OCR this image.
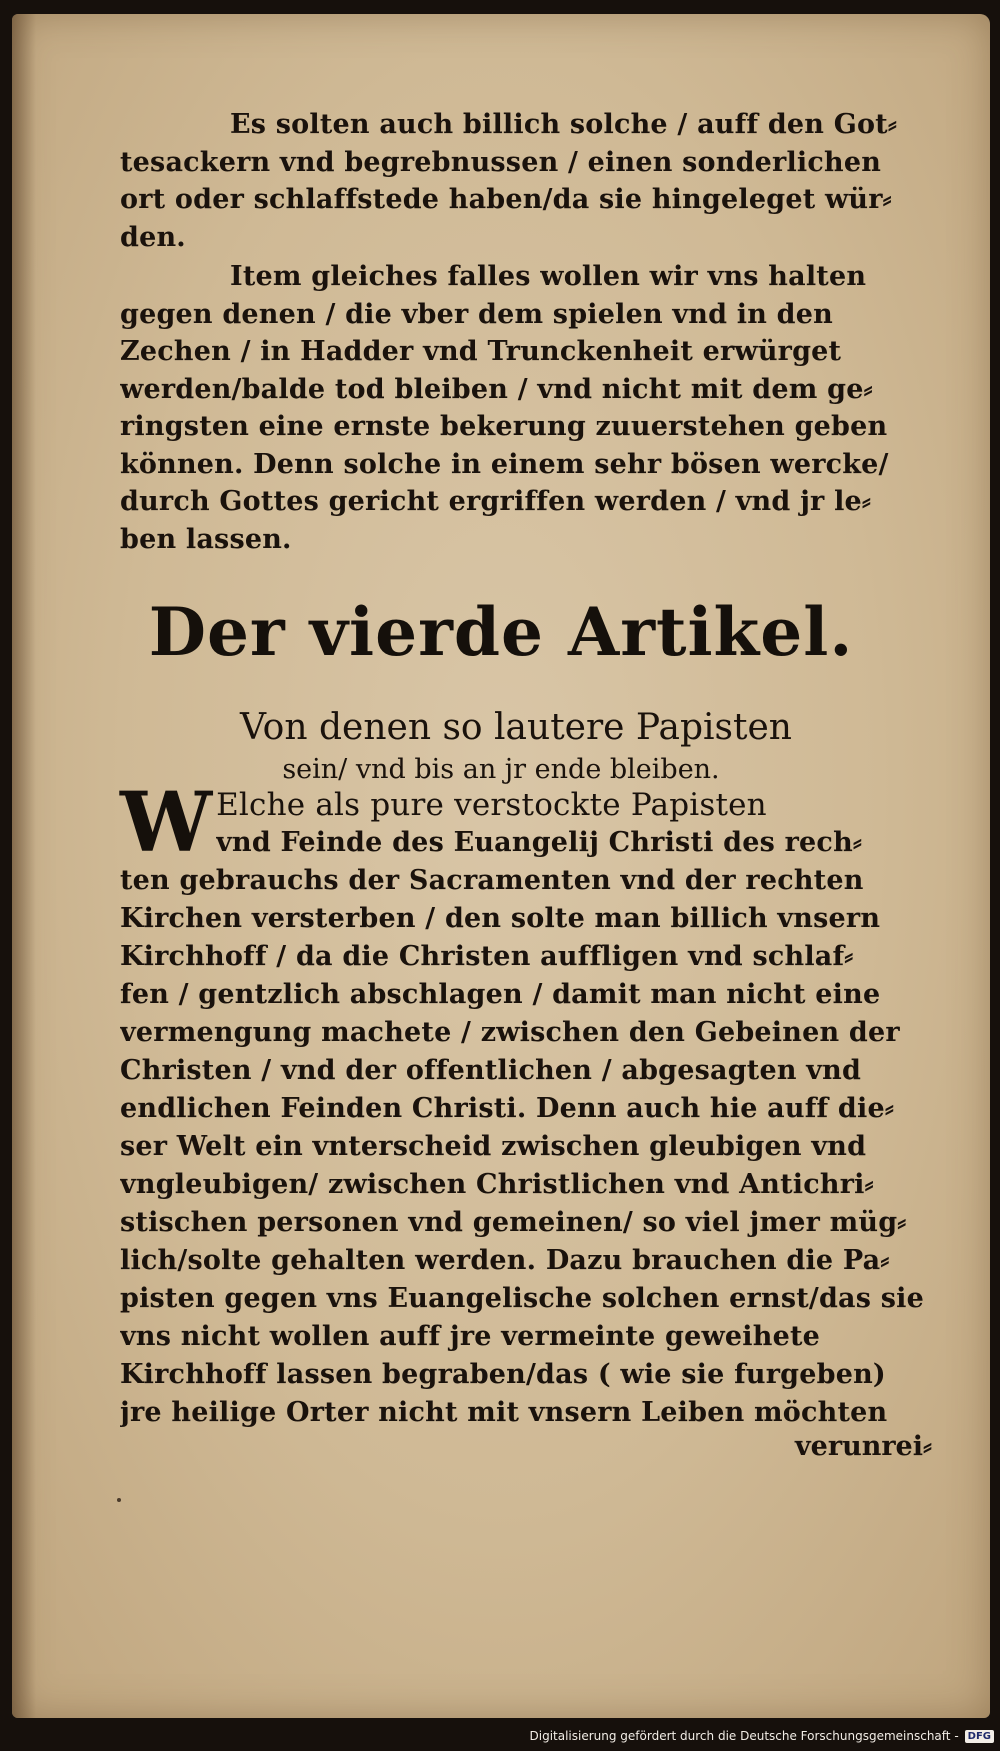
Es solten auch billich solche / auff den Got⸗
tesackern vnd begrebnussen / einen sonderlichen
ort oder schlaffstede haben/da sie hingeleget wür⸗
den.
Item gleiches falles wollen wir vns halten
gegen denen / die vber dem spielen vnd in den
Zechen / in Hadder vnd Trunckenheit erwürget
werden/balde tod bleiben / vnd nicht mit dem ge⸗
ringsten eine ernste bekerung zuuerstehen geben
können. Denn solche in einem sehr bösen wercke/
durch Gottes gericht ergriffen werden / vnd jr le⸗
ben lassen.
Der vierde Artikel.
Von denen so lautere Papisten
sein/ vnd bis an jr ende bleiben.
W Elche als pure verstockte Papisten
vnd Feinde des Euangelij Christi des rech⸗
ten gebrauchs der Sacramenten vnd der rechten
Kirchen versterben / den solte man billich vnsern
Kirchhoff / da die Christen auffligen vnd schlaf⸗
fen / gentzlich abschlagen / damit man nicht eine
vermengung machete / zwischen den Gebeinen der
Christen / vnd der offentlichen / abgesagten vnd
endlichen Feinden Christi. Denn auch hie auff die⸗
ser Welt ein vnterscheid zwischen gleubigen vnd
vngleubigen/ zwischen Christlichen vnd Antichri⸗
stischen personen vnd gemeinen/ so viel jmer müg⸗
lich/solte gehalten werden. Dazu brauchen die Pa⸗
pisten gegen vns Euangelische solchen ernst/das sie
vns nicht wollen auff jre vermeinte geweihete
Kirchhoff lassen begraben/das ( wie sie furgeben)
jre heilige Orter nicht mit vnsern Leiben möchten
verunrei⸗
Digitalisierung gefördert durch die Deutsche Forschungsgemeinschaft - DFG
